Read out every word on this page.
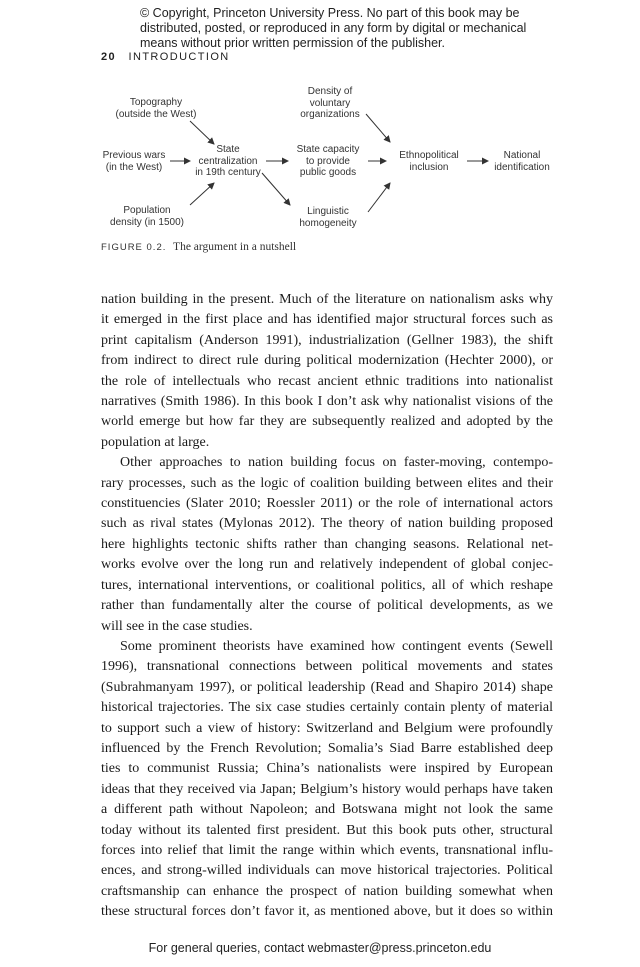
© Copyright, Princeton University Press. No part of this book may be
distributed, posted, or reproduced in any form by digital or mechanical
means without prior written permission of the publisher.
20 INTRODUCTION
Topography
(outside the West)
Previous wars
(in the West)
Population
density (in 1500)
State
centralization
in 19th century
Density of
voluntary
organizations
State capacity
to provide
public goods
Linguistic
homogeneity
Ethnopolitical
inclusion
National
identification
FIGURE 0.2. The argument in a nutshell

nation building in the present. Much of the literature on nationalism asks why
it emerged in the first place and has identified major structural forces such as
print capitalism (Anderson 1991), industrialization (Gellner 1983), the shift
from indirect to direct rule during political modernization (Hechter 2000), or
the role of intellectuals who recast ancient ethnic traditions into nationalist
narratives (Smith 1986). In this book I don’t ask why nationalist visions of the
world emerge but how far they are subsequently realized and adopted by the
population at large.

Other approaches to nation building focus on faster-moving, contempo-
rary processes, such as the logic of coalition building between elites and their
constituencies (Slater 2010; Roessler 2011) or the role of international actors
such as rival states (Mylonas 2012). The theory of nation building proposed
here highlights tectonic shifts rather than changing seasons. Relational net-
works evolve over the long run and relatively independent of global conjec-
tures, international interventions, or coalitional politics, all of which reshape
rather than fundamentally alter the course of political developments, as we
will see in the case studies.

Some prominent theorists have examined how contingent events (Sewell
1996), transnational connections between political movements and states
(Subrahmanyam 1997), or political leadership (Read and Shapiro 2014) shape
historical trajectories. The six case studies certainly contain plenty of material
to support such a view of history: Switzerland and Belgium were profoundly
influenced by the French Revolution; Somalia’s Siad Barre established deep
ties to communist Russia; China’s nationalists were inspired by European
ideas that they received via Japan; Belgium’s history would perhaps have taken
a different path without Napoleon; and Botswana might not look the same
today without its talented first president. But this book puts other, structural
forces into relief that limit the range within which events, transnational influ-
ences, and strong-willed individuals can move historical trajectories. Political
craftsmanship can enhance the prospect of nation building somewhat when
these structural forces don’t favor it, as mentioned above, but it does so within

For general queries, contact webmaster@press.princeton.edu
